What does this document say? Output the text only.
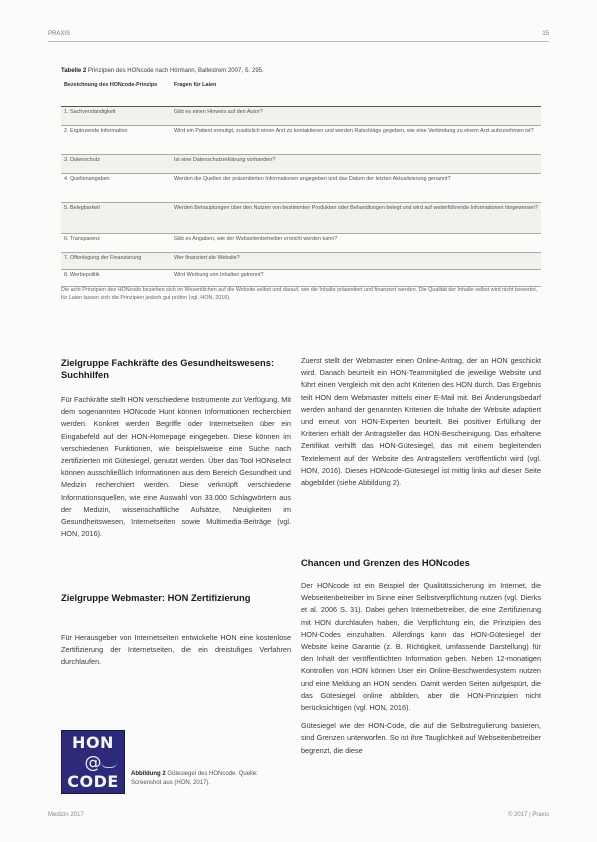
PRAXIS	15
Tabelle 2 Prinzipien des HONcode nach Hörmann, Ballestrem 2007, S. 295.
Bezeichnung des HONcode-Prinzips	Fragen für Laien
1. Sachverständigkeit	Gibt es einen Hinweis auf den Autor?
2. Ergänzende Information	Wird ein Patient ermutigt, zusätzlich einen Arzt zu kontaktieren und werden Ratschläge gegeben, wie eine Verbindung zu einem Arzt aufzunehmen ist?
3. Datenschutz	Ist eine Datenschutzerklärung vorhanden?
4. Quellenangaben	Werden die Quellen der präsentierten Informationen angegeben und das Datum der letzten Aktualisierung genannt?
5. Belegbarkeit	Werden Behauptungen über den Nutzen von bestimmten Produkten oder Behandlungen belegt und wird auf weiterführende Informationen hingewiesen?
6. Transparenz	Gibt es Angaben, wie der Webseitenbetreiber erreicht werden kann?
7. Offenlegung der Finanzierung	Wer finanziert die Website?
8. Werbepolitik	Wird Werbung von Inhalten getrennt?
Die acht Prinzipien des HONcode beziehen sich im Wesentlichen auf die Website selbst und darauf, wie die Inhalte präsentiert und finanziert werden. Die Qualität der Inhalte selbst wird nicht bewertet, für Laien lassen sich die Prinzipien jedoch gut prüfen (vgl. HON, 2016).
Zielgruppe Fachkräfte des Gesundheitswesens: Suchhilfen

Für Fachkräfte stellt HON verschiedene Instrumente zur Verfügung. Mit dem sogenannten HONcode Hunt können Informationen recherchiert werden. Konkret werden Begriffe oder Internetseiten über ein Eingabefeld auf der HON-Homepage eingegeben. Diese können im verschiedenen Funktionen, wie beispielsweise eine Suche nach zertifizierten mit Gütesiegel, genutzt werden. Über das Tool HONselect können ausschließlich Informationen aus dem Bereich Gesundheit und Medizin recherchiert werden. Diese verknüpft verschiedene Informationsquellen, wie eine Auswahl von 33.000 Schlagwörtern aus der Medizin, wissenschaftliche Aufsätze, Neuigkeiten im Gesundheitswesen, Internetseiten sowie Multimedia-Beiträge (vgl. HON, 2016).

Zielgruppe Webmaster: HON Zertifizierung

Für Herausgeber von Internetseiten entwickelte HON eine kostenlose Zertifizierung der Internetseiten, die ein dreistufiges Verfahren durchlaufen.

HON
@
CODE	Abbildung 2 Gütesiegel des HONcode. Quelle: Screenshot aus (HON, 2017).

Zuerst stellt der Webmaster einen Online-Antrag, der an HON geschickt wird. Danach beurteilt ein HON-Teammitglied die jeweilige Website und führt einen Vergleich mit den acht Kriterien des HON durch. Das Ergebnis teilt HON dem Webmaster mittels einer E-Mail mit. Bei Änderungsbedarf werden anhand der genannten Kriterien die Inhalte der Website adaptiert und erneut von HON-Experten beurteilt. Bei positiver Erfüllung der Kriterien erhält der Antragsteller das HON-Bescheinigung. Das erhaltene Zertifikat verhilft das HON-Gütesiegel, das mit einem begleitenden Textelement auf der Website des Antragstellers veröffentlicht wird (vgl. HON, 2016). Dieses HONcode-Gütesiegel ist mittig links auf dieser Seite abgebildet (siehe Abbildung 2).

Chancen und Grenzen des HONcodes

Der HONcode ist ein Beispiel der Qualitätssicherung im Internet, die Webseitenbetreiber im Sinne einer Selbstverpflichtung nutzen (vgl. Dierks et al. 2006 S. 31). Dabei gehen Internetbetreiber, die eine Zertifizierung mit HON durchlaufen haben, die Verpflichtung ein, die Prinzipien des HON-Codes einzuhalten. Allerdings kann das HON-Gütesiegel der Website keine Garantie (z. B. Richtigkeit, umfassende Darstellung) für den Inhalt der veröffentlichten Information geben. Neben 12-monatigen Kontrollen von HON können User ein Online-Beschwerdesystem nutzen und eine Meldung an HON senden. Damit werden Seiten aufgespürt, die das Gütesiegel online abbilden, aber die HON-Prinzipien nicht berücksichtigen (vgl. HON, 2016).

Gütesiegel wie der HON-Code, die auf die Selbstregulierung basieren, sind Grenzen unterworfen. So ist ihre Tauglichkeit auf Webseitenbetreiber begrenzt, die diese

Medizin 2017	© 2017 | Praxis
